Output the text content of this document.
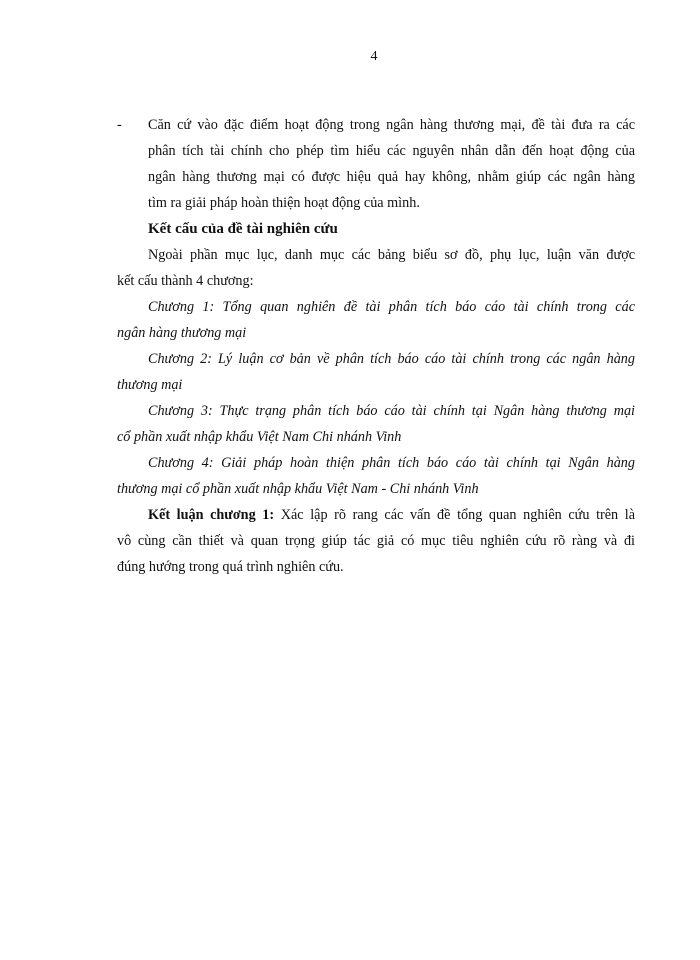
4
- Căn cứ vào đặc điểm hoạt động trong ngân hàng thương mại, đề tài đưa ra các
phân tích tài chính cho phép tìm hiểu các nguyên nhân dẫn đến hoạt động của
ngân hàng thương mại có được hiệu quả hay không, nhằm giúp các ngân hàng
tìm ra giải pháp hoàn thiện hoạt động của mình.
Kết cấu của đề tài nghiên cứu
Ngoài phần mục lục, danh mục các bảng biểu sơ đồ, phụ lục, luận văn được
kết cấu thành 4 chương:
Chương 1: Tổng quan nghiên đề tài phân tích báo cáo tài chính trong các
ngân hàng thương mại
Chương 2: Lý luận cơ bản về phân tích báo cáo tài chính trong các ngân hàng
thương mại
Chương 3: Thực trạng phân tích báo cáo tài chính tại Ngân hàng thương mại
cổ phần xuất nhập khẩu Việt Nam Chi nhánh Vinh
Chương 4: Giải pháp hoàn thiện phân tích báo cáo tài chính tại Ngân hàng
thương mại cổ phần xuất nhập khẩu Việt Nam - Chi nhánh Vinh
Kết luận chương 1: Xác lập rõ rang các vấn đề tổng quan nghiên cứu trên là
vô cùng cần thiết và quan trọng giúp tác giả có mục tiêu nghiên cứu rõ ràng và đi
đúng hướng trong quá trình nghiên cứu.
